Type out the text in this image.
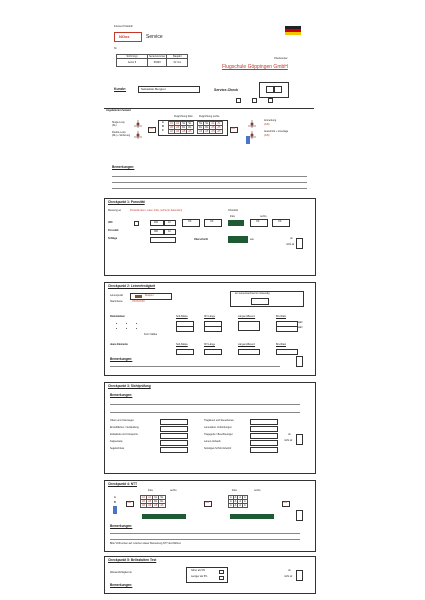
Internes Protokoll
NOxx	Service
Nr.
Schirmtyp	Seriennummer	Baujahr
Aonic 5	59393	02 mm
Checkcenter:
Flugschule Göppingen GmbH
Kunde:	Sebastian Bergner	Service-Check
Angelieferter Zustand
Single Loop
(SL)
Double Loop
(DL) + Sicherung
Flugrichtung links	Flugrichtung rechts
A
B
C
A1	A1	SL	SL
A5	A5	DL	DL
A5	A5	A5	A5
SL	SL	A1	A1
DL	DL	A5	A5
A5	A5	A5	A5
A/B	A/B
Anmerkung
(A/B)
Ausschnitt + Innenlage
(A/B)
Bemerkungen:
Checkpunkt 1: Porosität
Messung an	Porosität oben, unten, links, rechts (in Sekunden)	Chordsitz
links	rechts
JDC	200	10	OK	OK	OK	OK
Porosität	300	10
Schläge	Oberschicht	sek	ok
nicht ok
Checkpunkt 2: Leinenfestigkeit
Leinenpunkt	Beispiel
Stammleine	XXXXXXXX
am Leinenwechsel ist notwendig
Stammleinen	Soll-Stärke	IST-Länge	Längendifferenz	Bruchlast
daN
daN
Form Stärke
obere Elemente	Soll-Stärke	IST-Länge	Längendifferenz	Bruchlast
Bemerkungen:
Checkpunkt 3: Sichtprüfung
Bemerkungen:
Obere und Unterseget
Einzelflächen / Verkleidung
Zellwände und Crossports
Kappenteile
Segelschluss
Tragleinen und Steuerleinen
Leinenabst. Verbindungen
Tragegurte / Beschleuniger
Leinen-Verlaufs
Sonstiges Schirmzubehör
ok
nicht ok
Checkpunkt 4: NTT
links	rechts	links	rechts
A
B	A/B
A1	A1	SL	SL
A5	A5	DL	DL
A5	A5	A5	A5
A/B
A	A	A	A
A	A	A	A
A	A	A	A
A/B
Bemerkungen:
Bitte VOR ersten auf: Löschen dieser Bemerkung NTT durchführen
Checkpunkt 5: Bellsstutten Test
Wasserdichtigkeit ist
höher als 5%
weniger als 5%
ok
nicht ok
Bemerkungen:
